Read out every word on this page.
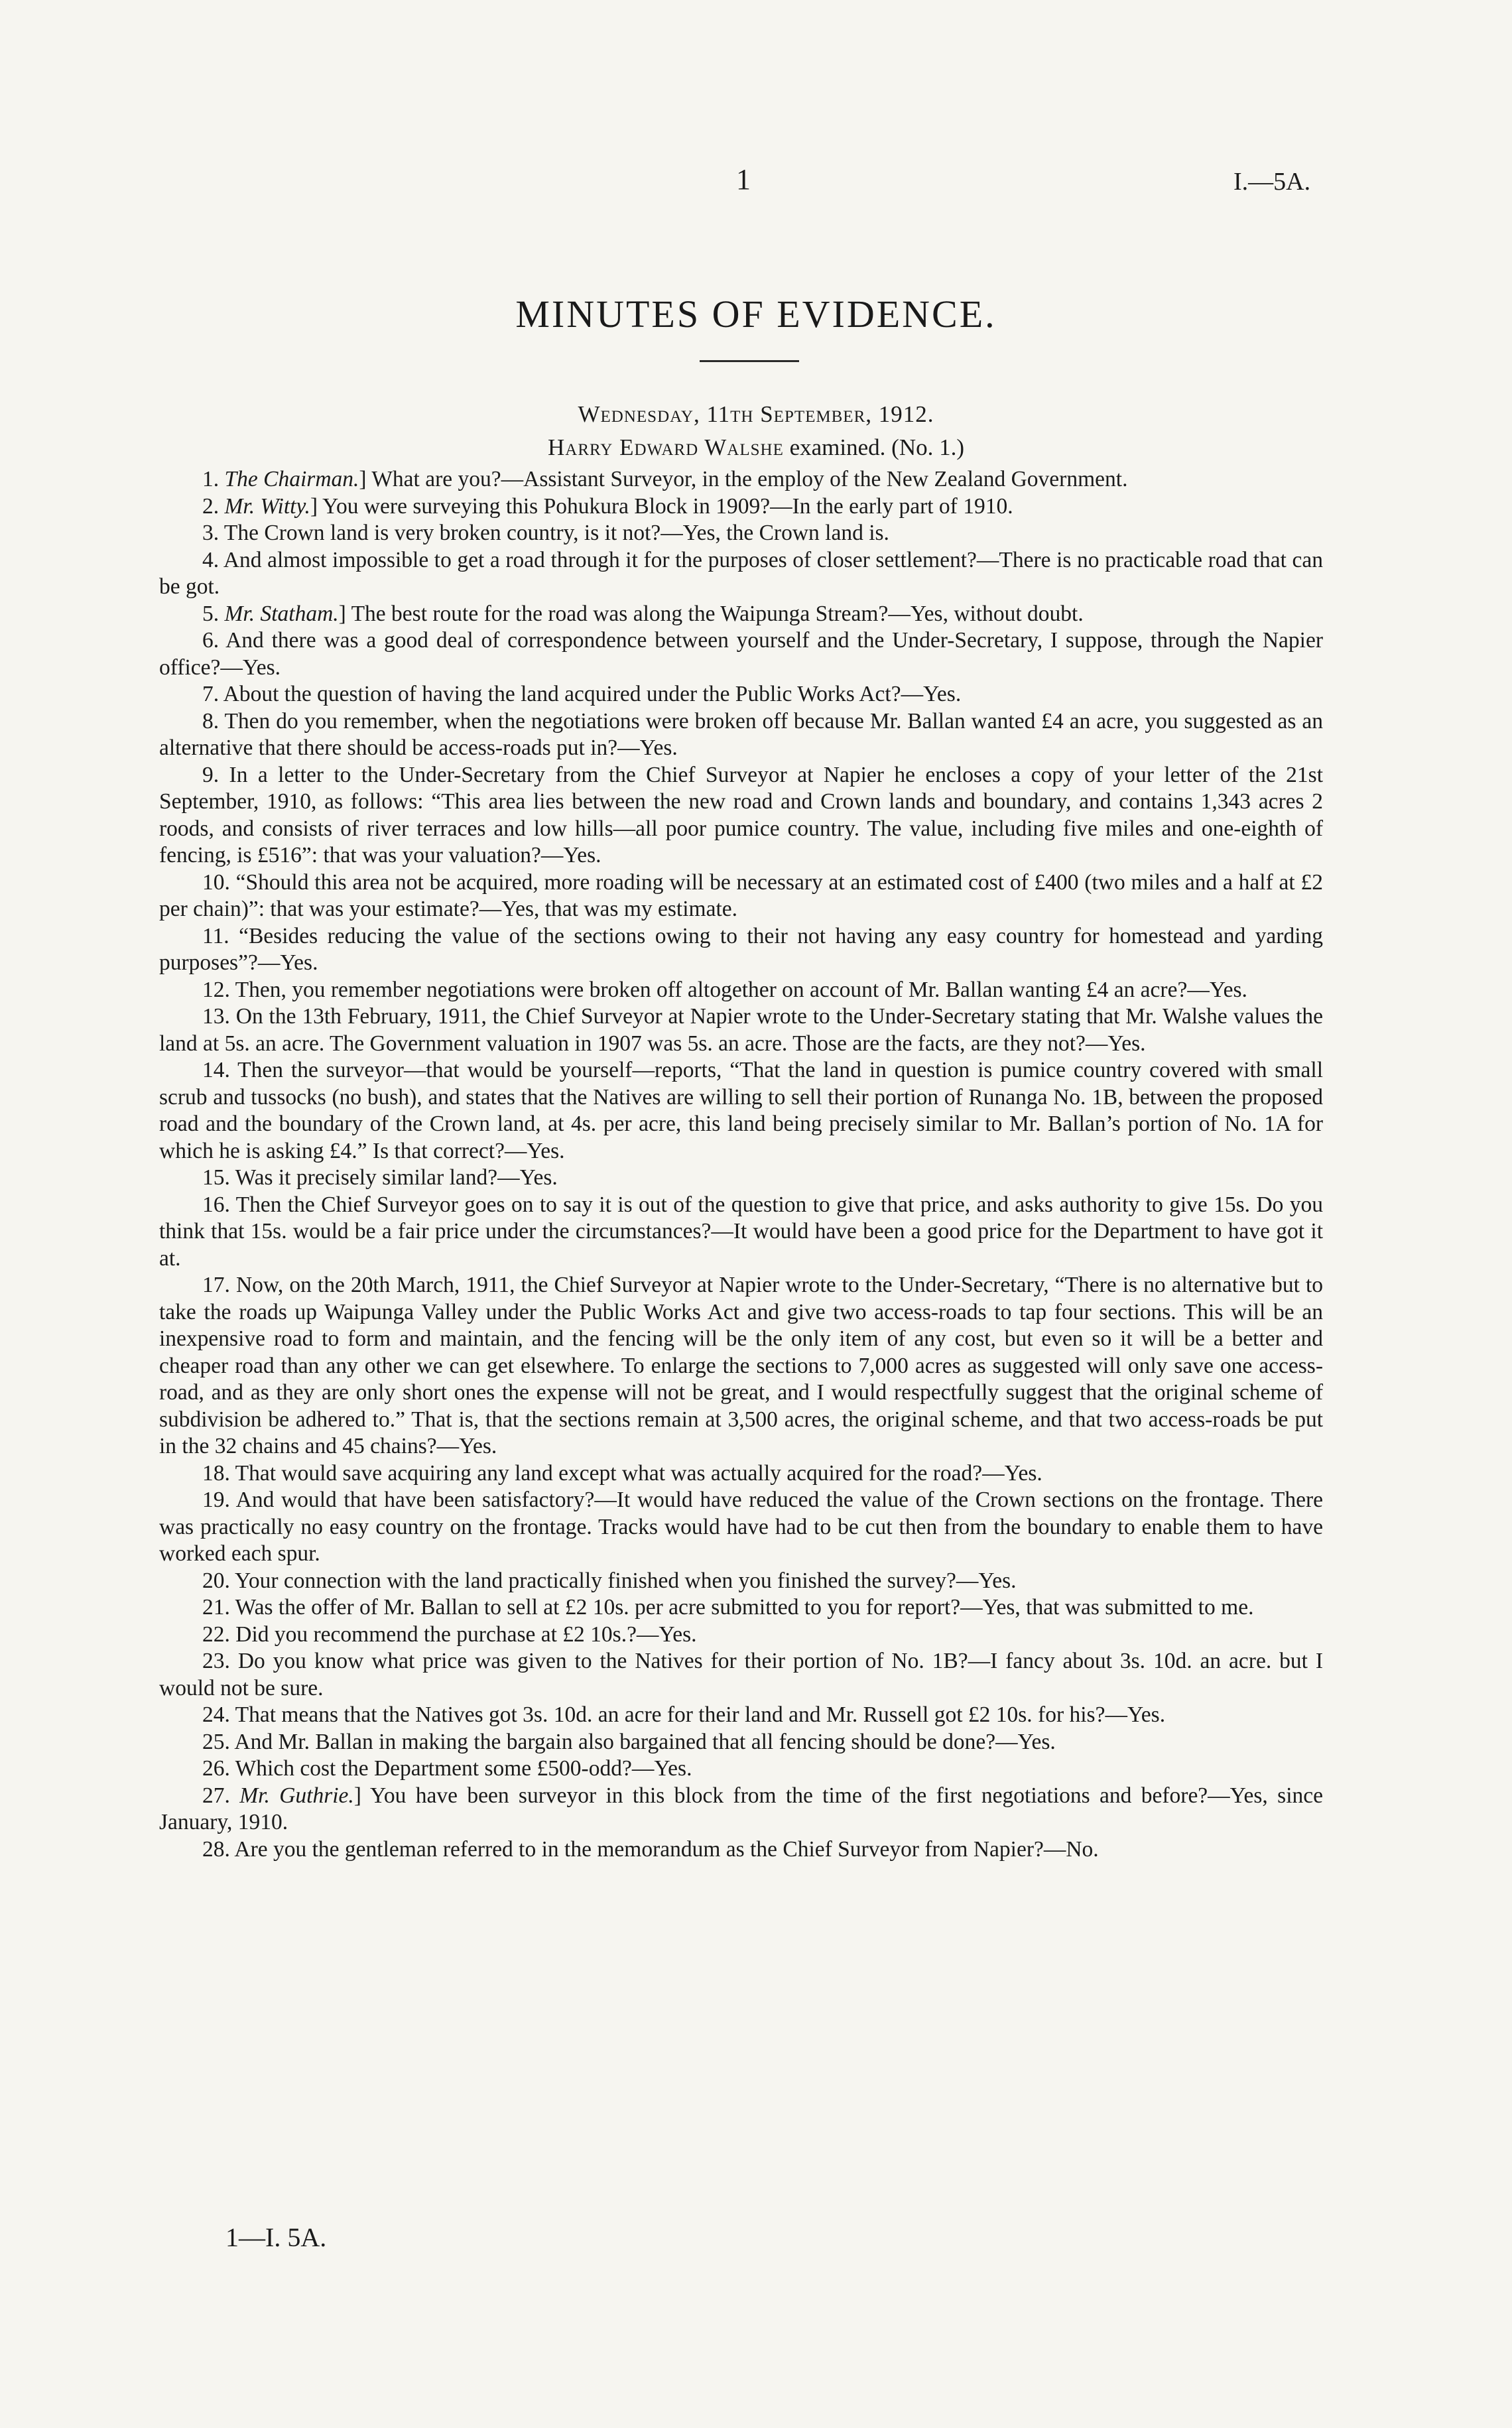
1	I.—5A.
MINUTES OF EVIDENCE.
Wednesday, 11th September, 1912.
Harry Edward Walshe examined. (No. 1.)

1. The Chairman.] What are you?—Assistant Surveyor, in the employ of the New Zealand Government.

2. Mr. Witty.] You were surveying this Pohukura Block in 1909?—In the early part of 1910.

3. The Crown land is very broken country, is it not?—Yes, the Crown land is.

4. And almost impossible to get a road through it for the purposes of closer settlement?—There is no practicable road that can be got.

5. Mr. Statham.] The best route for the road was along the Waipunga Stream?—Yes, without doubt.

6. And there was a good deal of correspondence between yourself and the Under-Secretary, I suppose, through the Napier office?—Yes.

7. About the question of having the land acquired under the Public Works Act?—Yes.

8. Then do you remember, when the negotiations were broken off because Mr. Ballan wanted £4 an acre, you suggested as an alternative that there should be access-roads put in?—Yes.

9. In a letter to the Under-Secretary from the Chief Surveyor at Napier he encloses a copy of your letter of the 21st September, 1910, as follows: “This area lies between the new road and Crown lands and boundary, and contains 1,343 acres 2 roods, and consists of river terraces and low hills—all poor pumice country. The value, including five miles and one-eighth of fencing, is £516”: that was your valuation?—Yes.

10. “Should this area not be acquired, more roading will be necessary at an estimated cost of £400 (two miles and a half at £2 per chain)”: that was your estimate?—Yes, that was my estimate.

11. “Besides reducing the value of the sections owing to their not having any easy country for homestead and yarding purposes”?—Yes.

12. Then, you remember negotiations were broken off altogether on account of Mr. Ballan wanting £4 an acre?—Yes.

13. On the 13th February, 1911, the Chief Surveyor at Napier wrote to the Under-Secretary stating that Mr. Walshe values the land at 5s. an acre. The Government valuation in 1907 was 5s. an acre. Those are the facts, are they not?—Yes.

14. Then the surveyor—that would be yourself—reports, “That the land in question is pumice country covered with small scrub and tussocks (no bush), and states that the Natives are willing to sell their portion of Runanga No. 1B, between the proposed road and the boundary of the Crown land, at 4s. per acre, this land being precisely similar to Mr. Ballan’s portion of No. 1A for which he is asking £4.” Is that correct?—Yes.

15. Was it precisely similar land?—Yes.

16. Then the Chief Surveyor goes on to say it is out of the question to give that price, and asks authority to give 15s. Do you think that 15s. would be a fair price under the circumstances?—It would have been a good price for the Department to have got it at.

17. Now, on the 20th March, 1911, the Chief Surveyor at Napier wrote to the Under-Secretary, “There is no alternative but to take the roads up Waipunga Valley under the Public Works Act and give two access-roads to tap four sections. This will be an inexpensive road to form and maintain, and the fencing will be the only item of any cost, but even so it will be a better and cheaper road than any other we can get elsewhere. To enlarge the sections to 7,000 acres as suggested will only save one access-road, and as they are only short ones the expense will not be great, and I would respectfully suggest that the original scheme of subdivision be adhered to.” That is, that the sections remain at 3,500 acres, the original scheme, and that two access-roads be put in the 32 chains and 45 chains?—Yes.

18. That would save acquiring any land except what was actually acquired for the road?—Yes.

19. And would that have been satisfactory?—It would have reduced the value of the Crown sections on the frontage. There was practically no easy country on the frontage. Tracks would have had to be cut then from the boundary to enable them to have worked each spur.

20. Your connection with the land practically finished when you finished the survey?—Yes.

21. Was the offer of Mr. Ballan to sell at £2 10s. per acre submitted to you for report?—Yes, that was submitted to me.

22. Did you recommend the purchase at £2 10s.?—Yes.

23. Do you know what price was given to the Natives for their portion of No. 1B?—I fancy about 3s. 10d. an acre. but I would not be sure.

24. That means that the Natives got 3s. 10d. an acre for their land and Mr. Russell got £2 10s. for his?—Yes.

25. And Mr. Ballan in making the bargain also bargained that all fencing should be done?—Yes.

26. Which cost the Department some £500-odd?—Yes.

27. Mr. Guthrie.] You have been surveyor in this block from the time of the first negotiations and before?—Yes, since January, 1910.

28. Are you the gentleman referred to in the memorandum as the Chief Surveyor from Napier?—No.

1—I. 5A.
